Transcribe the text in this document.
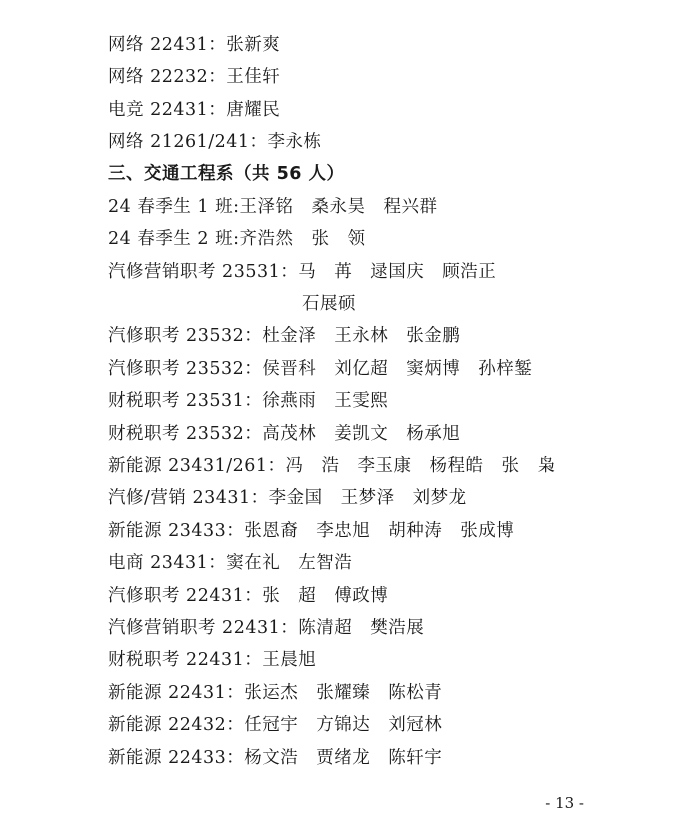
网络 22431：张新爽
网络 22232：王佳轩
电竞 22431：唐耀民
网络 21261/241：李永栋
三、交通工程系（共 56 人）
24 春季生 1 班:王泽铭　桑永昊　程兴群
24 春季生 2 班:齐浩然　张　领
汽修营销职考 23531：马　苒　逯国庆　顾浩正
石展硕
汽修职考 23532：杜金泽　王永林　张金鹏
汽修职考 23532：侯晋科　刘亿超　窦炳博　孙梓錾
财税职考 23531：徐燕雨　王雯熙
财税职考 23532：高茂林　姜凯文　杨承旭
新能源 23431/261：冯　浩　李玉康　杨程皓　张　枭
汽修/营销 23431：李金国　王梦泽　刘梦龙
新能源 23433：张恩裔　李忠旭　胡种涛　张成博
电商 23431：窦在礼　左智浩
汽修职考 22431：张　超　傅政博
汽修营销职考 22431：陈清超　樊浩展
财税职考 22431：王晨旭
新能源 22431：张运杰　张耀臻　陈松青
新能源 22432：任冠宇　方锦达　刘冠林
新能源 22433：杨文浩　贾绪龙　陈轩宇
- 13 -
